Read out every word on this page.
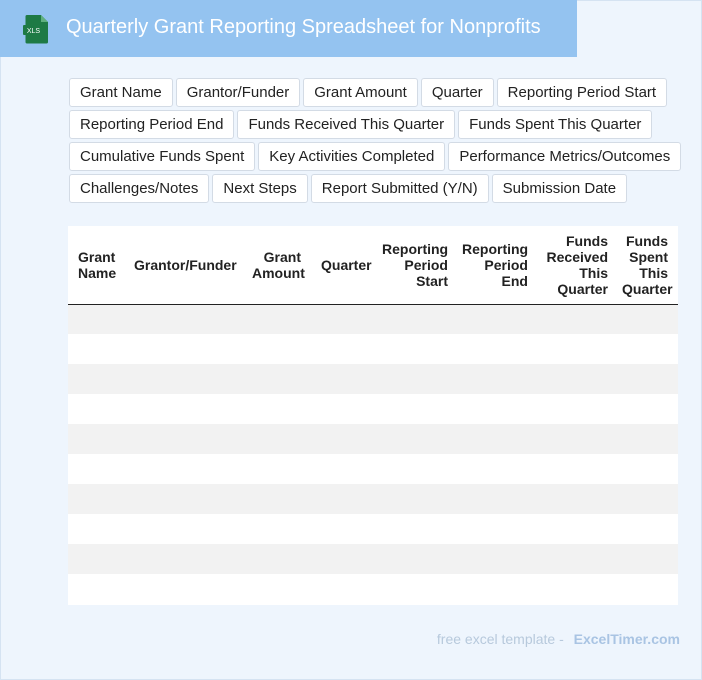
XLS Quarterly Grant Reporting Spreadsheet for Nonprofits
Grant Name	Grantor/Funder	Grant Amount	Quarter	Reporting Period Start
Reporting Period End	Funds Received This Quarter	Funds Spent This Quarter
Cumulative Funds Spent	Key Activities Completed	Performance Metrics/Outcomes
Challenges/Notes	Next Steps	Report Submitted (Y/N)	Submission Date
Grant Name	Grantor/Funder	Grant Amount	Quarter	Reporting Period Start	Reporting Period End	Funds Received This Quarter	Funds Spent This Quarter

free excel template - ExcelTimer.com
